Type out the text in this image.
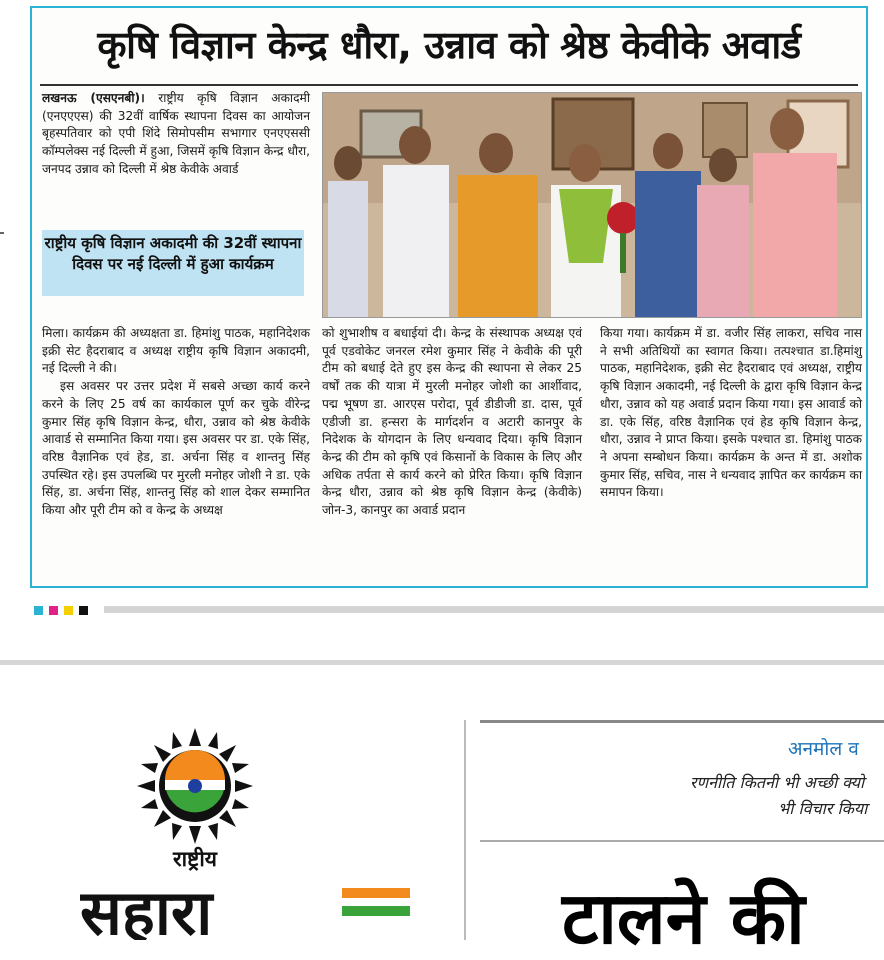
कृषि विज्ञान केन्द्र धौरा, उन्नाव को श्रेष्ठ केवीके अवार्ड

लखनऊ (एसएनबी)। राष्ट्रीय कृषि विज्ञान अकादमी (एनएएएस) की 32वीं वार्षिक स्थापना दिवस का आयोजन बृहस्पतिवार को एपी शिंदे सिमोपसीम सभागार एनएएससी कॉम्पलेक्स नई दिल्ली में हुआ, जिसमें कृषि विज्ञान केन्द्र धौरा, जनपद उन्नाव को दिल्ली में श्रेष्ठ केवीके अवार्ड

राष्ट्रीय कृषि विज्ञान अकादमी की 32वीं स्थापना दिवस पर नई दिल्ली में हुआ कार्यक्रम

मिला। कार्यक्रम की अध्यक्षता डा. हिमांशु पाठक, महानिदेशक इक्री सेट हैदराबाद व अध्यक्ष राष्ट्रीय कृषि विज्ञान अकादमी, नई दिल्ली ने की।

इस अवसर पर उत्तर प्रदेश में सबसे अच्छा कार्य करने करने के लिए 25 वर्ष का कार्यकाल पूर्ण कर चुके वीरेन्द्र कुमार सिंह कृषि विज्ञान केन्द्र, धौरा, उन्नाव को श्रेष्ठ केवीके आवार्ड से सम्मानित किया गया। इस अवसर पर डा. एके सिंह, वरिष्ठ वैज्ञानिक एवं हेड, डा. अर्चना सिंह व शान्तनु सिंह उपस्थित रहे। इस उपलब्धि पर मुरली मनोहर जोशी ने डा. एके सिंह, डा. अर्चना सिंह, शान्तनु सिंह को शाल देकर सम्मानित किया और पूरी टीम को व केन्द्र के अध्यक्ष

को शुभाशीष व बधाईयां दी। केन्द्र के संस्थापक अध्यक्ष एवं पूर्व एडवोकेट जनरल रमेश कुमार सिंह ने केवीके की पूरी टीम को बधाई देते हुए इस केन्द्र की स्थापना से लेकर 25 वर्षों तक की यात्रा में मुरली मनोहर जोशी का आर्शीवाद, पद्म भूषण डा. आरएस परोदा, पूर्व डीडीजी डा. दास, पूर्व एडीजी डा. हन्सरा के मार्गदर्शन व अटारी कानपुर के निदेशक के योगदान के लिए धन्यवाद दिया। कृषि विज्ञान केन्द्र की टीम को कृषि एवं किसानों के विकास के लिए और अधिक तर्पता से कार्य करने को प्रेरित किया। कृषि विज्ञान केन्द्र धौरा, उन्नाव को श्रेष्ठ कृषि विज्ञान केन्द्र (केवीके) जोन-3, कानपुर का अवार्ड प्रदान
किया गया। कार्यक्रम में डा. वजीर सिंह लाकरा, सचिव नास ने सभी अतिथियों का स्वागत किया। तत्पश्चात डा.हिमांशु पाठक, महानिदेशक, इक्री सेट हैदराबाद एवं अध्यक्ष, राष्ट्रीय कृषि विज्ञान अकादमी, नई दिल्ली के द्वारा कृषि विज्ञान केन्द्र धौरा, उन्नाव को यह अवार्ड प्रदान किया गया। इस आवार्ड को डा. एके सिंह, वरिष्ठ वैज्ञानिक एवं हेड कृषि विज्ञान केन्द्र, धौरा, उन्नाव ने प्राप्त किया। इसके पश्चात डा. हिमांशु पाठक ने अपना सम्बोधन किया। कार्यक्रम के अन्त में डा. अशोक कुमार सिंह, सचिव, नास ने धन्यवाद ज्ञापित कर कार्यक्रम का समापन किया।
राष्ट्रीय
सहारा
अनमोल व
रणनीति कितनी भी अच्छी क्यो
भी विचार किया
टालने की
